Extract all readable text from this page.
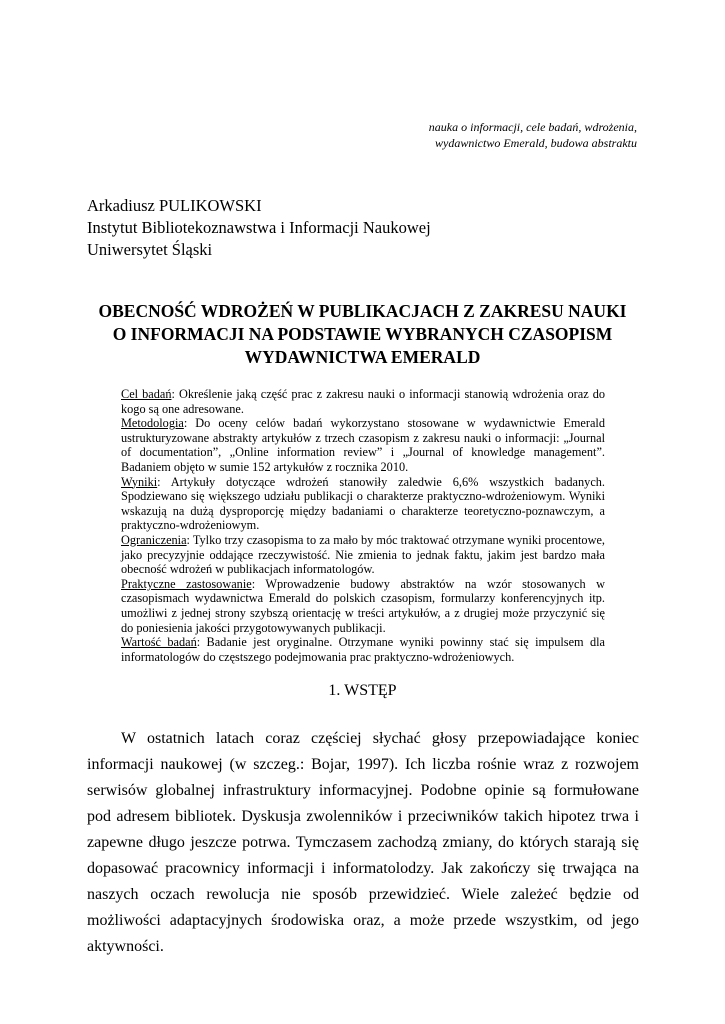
nauka o informacji, cele badań, wdrożenia,
wydawnictwo Emerald, budowa abstraktu
Arkadiusz PULIKOWSKI
Instytut Bibliotekoznawstwa i Informacji Naukowej
Uniwersytet Śląski
OBECNOŚĆ WDROŻEŃ W PUBLIKACJACH Z ZAKRESU NAUKI
O INFORMACJI NA PODSTAWIE WYBRANYCH CZASOPISM
WYDAWNICTWA EMERALD

Cel badań: Określenie jaką część prac z zakresu nauki o informacji stanowią wdrożenia oraz do kogo są one adresowane.

Metodologia: Do oceny celów badań wykorzystano stosowane w wydawnictwie Emerald ustrukturyzowane abstrakty artykułów z trzech czasopism z zakresu nauki o informacji: „Journal of documentation”, „Online information review” i „Journal of knowledge management”. Badaniem objęto w sumie 152 artykułów z rocznika 2010.

Wyniki: Artykuły dotyczące wdrożeń stanowiły zaledwie 6,6% wszystkich badanych. Spodziewano się większego udziału publikacji o charakterze praktyczno-wdrożeniowym. Wyniki wskazują na dużą dysproporcję między badaniami o charakterze teoretyczno-poznawczym, a praktyczno-wdrożeniowym.

Ograniczenia: Tylko trzy czasopisma to za mało by móc traktować otrzymane wyniki procentowe, jako precyzyjnie oddające rzeczywistość. Nie zmienia to jednak faktu, jakim jest bardzo mała obecność wdrożeń w publikacjach informatologów.

Praktyczne zastosowanie: Wprowadzenie budowy abstraktów na wzór stosowanych w czasopismach wydawnictwa Emerald do polskich czasopism, formularzy konferencyjnych itp. umożliwi z jednej strony szybszą orientację w treści artykułów, a z drugiej może przyczynić się do poniesienia jakości przygotowywanych publikacji.

Wartość badań: Badanie jest oryginalne. Otrzymane wyniki powinny stać się impulsem dla informatologów do częstszego podejmowania prac praktyczno-wdrożeniowych.

1. WSTĘP

W ostatnich latach coraz częściej słychać głosy przepowiadające koniec informacji naukowej (w szczeg.: Bojar, 1997). Ich liczba rośnie wraz z rozwojem serwisów globalnej infrastruktury informacyjnej. Podobne opinie są formułowane pod adresem bibliotek. Dyskusja zwolenników i przeciwników takich hipotez trwa i zapewne długo jeszcze potrwa. Tymczasem zachodzą zmiany, do których starają się dopasować pracownicy informacji i informatolodzy. Jak zakończy się trwająca na naszych oczach rewolucja nie sposób przewidzieć. Wiele zależeć będzie od możliwości adaptacyjnych środowiska oraz, a może przede wszystkim, od jego aktywności.
